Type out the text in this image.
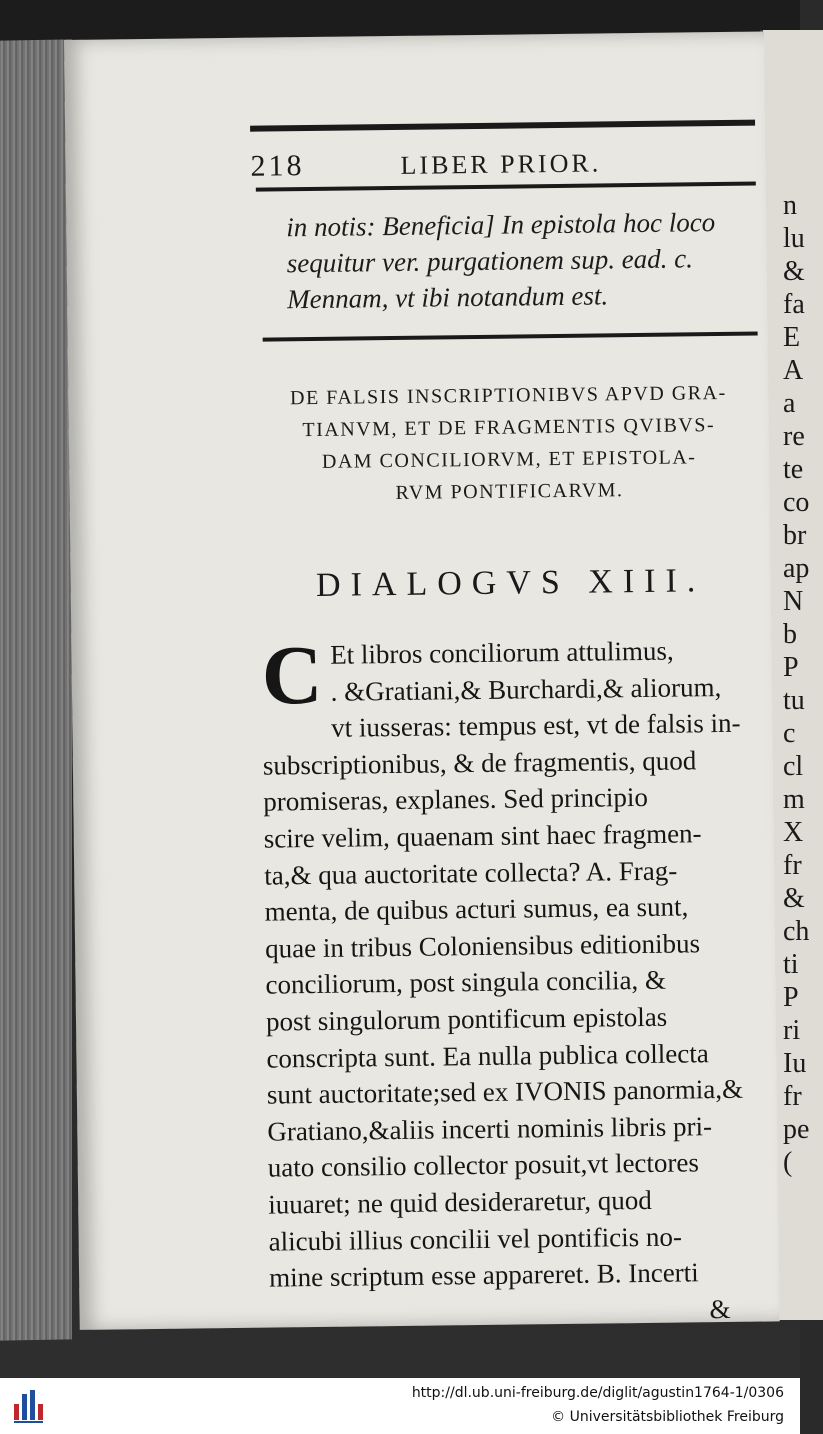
n
lu
&
fa
E
A
a
re
te
co
br
ap
N
b
P
tu
c
cl
m
X
fr
&
ch
ti
P
ri
Iu
fr
pe
(
218	LIBER PRIOR.
in notis: Beneficia] In epistola hoc loco
sequitur ver. purgationem sup. ead. c.
Mennam, vt ibi notandum est.
DE FALSIS INSCRIPTIONIBVS APVD GRA-
TIANVM, ET DE FRAGMENTIS QVIBVS-
DAM CONCILIORVM, ET EPISTOLA-
RVM PONTIFICARVM.
DIALOGVS XIII.
C Et libros conciliorum attulimus,
. &Gratiani,& Burchardi,& aliorum,
vt iusseras: tempus est, vt de falsis in-
subscriptionibus, & de fragmentis, quod
promiseras, explanes. Sed principio
scire velim, quaenam sint haec fragmen-
ta,& qua auctoritate collecta? A. Frag-
menta, de quibus acturi sumus, ea sunt,
quae in tribus Coloniensibus editionibus
conciliorum, post singula concilia, &
post singulorum pontificum epistolas
conscripta sunt. Ea nulla publica collecta
sunt auctoritate;sed ex IVONIS panormia,&
Gratiano,&aliis incerti nominis libris pri-
uato consilio collector posuit,vt lectores
iuuaret; ne quid desideraretur, quod
alicubi illius concilii vel pontificis no-
mine scriptum esse appareret. B. Incerti
&
http://dl.ub.uni-freiburg.de/diglit/agustin1764-1/0306
© Universitätsbibliothek Freiburg
